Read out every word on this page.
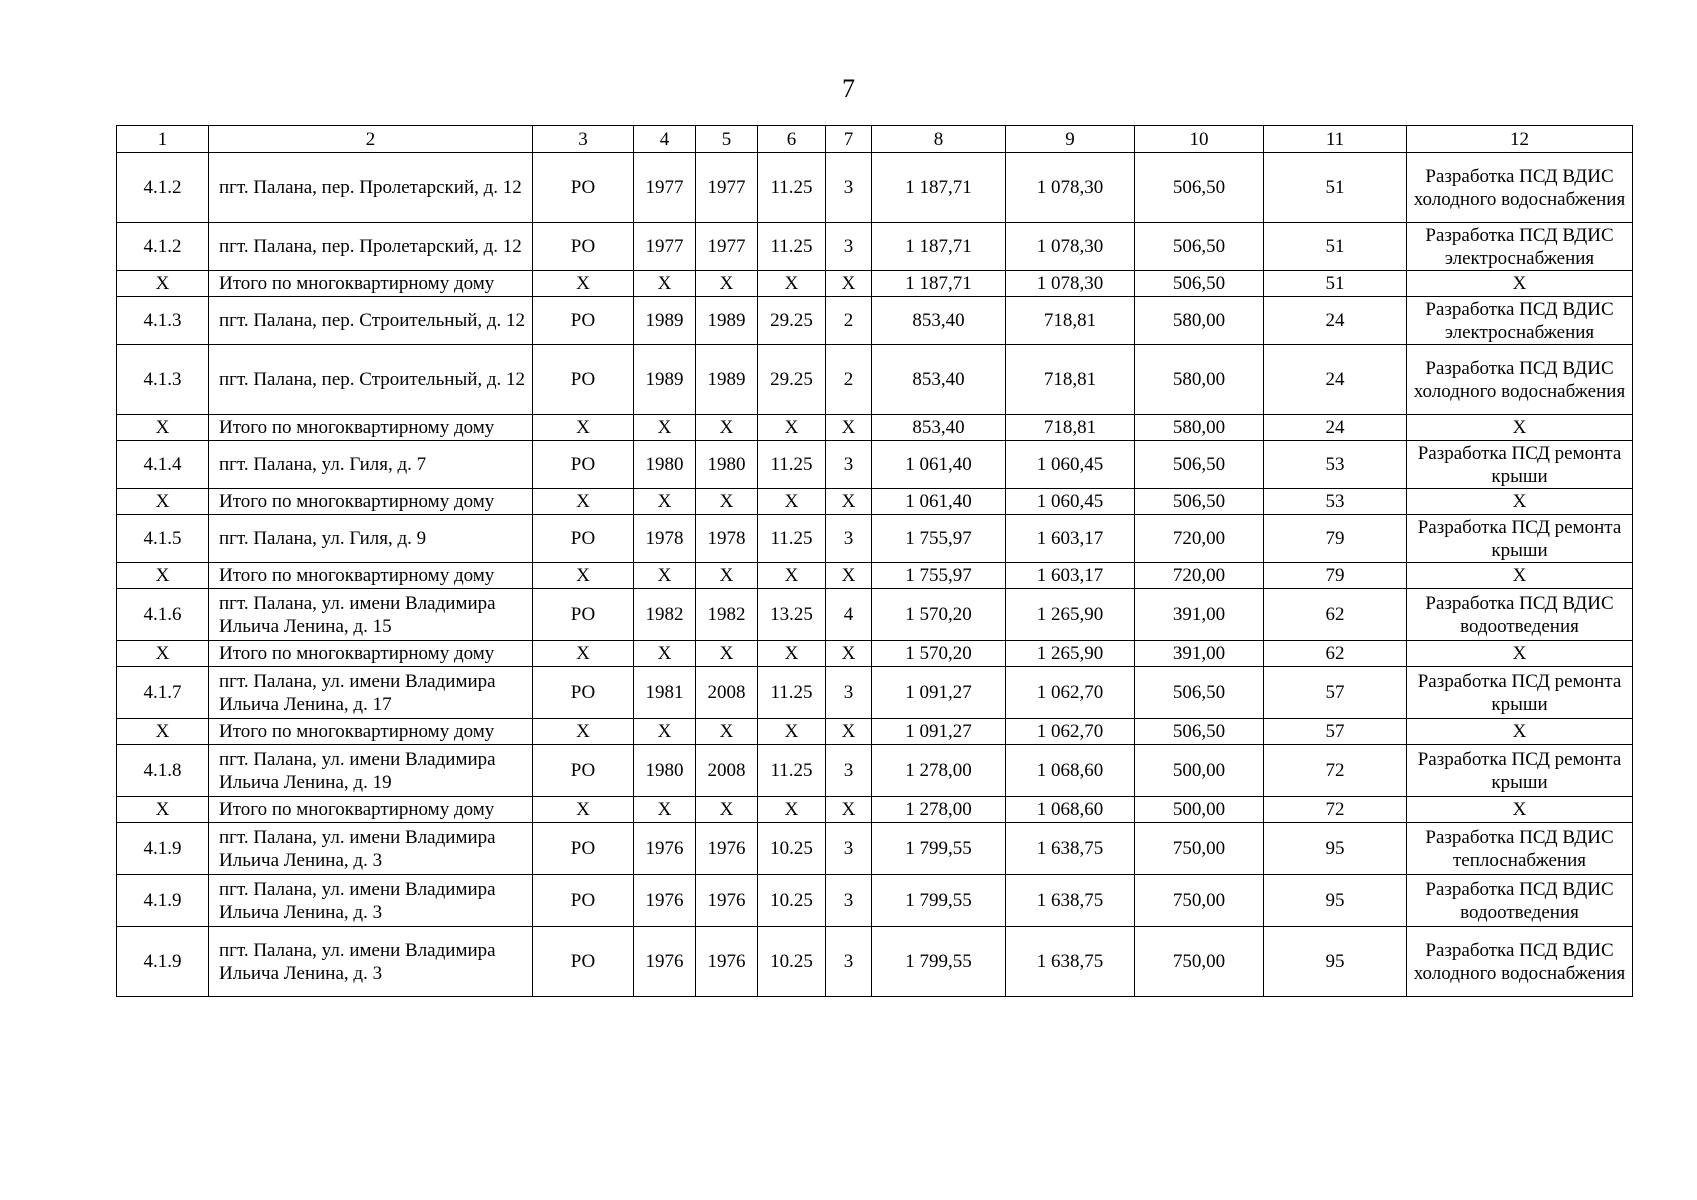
7
1	2	3	4	5	6	7	8	9	10	11	12
4.1.2	пгт. Палана, пер. Пролетарский, д. 12	РО	1977	1977	11.25	3	1 187,71	1 078,30	506,50	51	Разработка ПСД ВДИС холодного водоснабжения
4.1.2	пгт. Палана, пер. Пролетарский, д. 12	РО	1977	1977	11.25	3	1 187,71	1 078,30	506,50	51	Разработка ПСД ВДИС электроснабжения
X	Итого по многоквартирному дому	X	X	X	X	X	1 187,71	1 078,30	506,50	51	X
4.1.3	пгт. Палана, пер. Строительный, д. 12	РО	1989	1989	29.25	2	853,40	718,81	580,00	24	Разработка ПСД ВДИС электроснабжения
4.1.3	пгт. Палана, пер. Строительный, д. 12	РО	1989	1989	29.25	2	853,40	718,81	580,00	24	Разработка ПСД ВДИС холодного водоснабжения
X	Итого по многоквартирному дому	X	X	X	X	X	853,40	718,81	580,00	24	X
4.1.4	пгт. Палана, ул. Гиля, д. 7	РО	1980	1980	11.25	3	1 061,40	1 060,45	506,50	53	Разработка ПСД ремонта крыши
X	Итого по многоквартирному дому	X	X	X	X	X	1 061,40	1 060,45	506,50	53	X
4.1.5	пгт. Палана, ул. Гиля, д. 9	РО	1978	1978	11.25	3	1 755,97	1 603,17	720,00	79	Разработка ПСД ремонта крыши
X	Итого по многоквартирному дому	X	X	X	X	X	1 755,97	1 603,17	720,00	79	X
4.1.6	пгт. Палана, ул. имени Владимира Ильича Ленина, д. 15	РО	1982	1982	13.25	4	1 570,20	1 265,90	391,00	62	Разработка ПСД ВДИС водоотведения
X	Итого по многоквартирному дому	X	X	X	X	X	1 570,20	1 265,90	391,00	62	X
4.1.7	пгт. Палана, ул. имени Владимира Ильича Ленина, д. 17	РО	1981	2008	11.25	3	1 091,27	1 062,70	506,50	57	Разработка ПСД ремонта крыши
X	Итого по многоквартирному дому	X	X	X	X	X	1 091,27	1 062,70	506,50	57	X
4.1.8	пгт. Палана, ул. имени Владимира Ильича Ленина, д. 19	РО	1980	2008	11.25	3	1 278,00	1 068,60	500,00	72	Разработка ПСД ремонта крыши
X	Итого по многоквартирному дому	X	X	X	X	X	1 278,00	1 068,60	500,00	72	X
4.1.9	пгт. Палана, ул. имени Владимира Ильича Ленина, д. 3	РО	1976	1976	10.25	3	1 799,55	1 638,75	750,00	95	Разработка ПСД ВДИС теплоснабжения
4.1.9	пгт. Палана, ул. имени Владимира Ильича Ленина, д. 3	РО	1976	1976	10.25	3	1 799,55	1 638,75	750,00	95	Разработка ПСД ВДИС водоотведения
4.1.9	пгт. Палана, ул. имени Владимира Ильича Ленина, д. 3	РО	1976	1976	10.25	3	1 799,55	1 638,75	750,00	95	Разработка ПСД ВДИС холодного водоснабжения
